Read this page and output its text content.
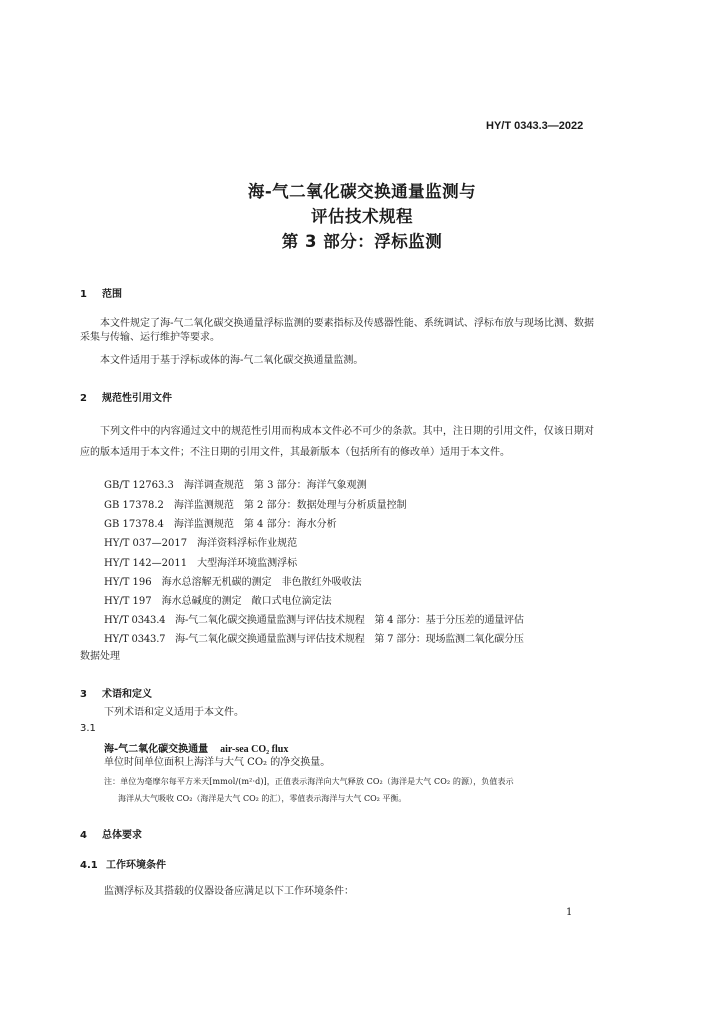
HY/T 0343.3—2022
海-气二氧化碳交换通量监测与
评估技术规程
第 3 部分：浮标监测
1 范围
本文件规定了海-气二氧化碳交换通量浮标监测的要素指标及传感器性能、系统调试、浮标布放与现场比测、数据采集与传输、运行维护等要求。
本文件适用于基于浮标或体的海-气二氧化碳交换通量监测。
2 规范性引用文件
下列文件中的内容通过文中的规范性引用而构成本文件必不可少的条款。其中，注日期的引用文件，仅该日期对应的版本适用于本文件；不注日期的引用文件，其最新版本（包括所有的修改单）适用于本文件。
GB/T 12763.3　 海洋调查规范　第 3 部分：海洋气象观测
GB 17378.2　 海洋监测规范　第 2 部分：数据处理与分析质量控制
GB 17378.4　 海洋监测规范　第 4 部分：海水分析
HY/T 037—2017　 海洋资料浮标作业规范
HY/T 142—2011　 大型海洋环境监测浮标
HY/T 196　 海水总溶解无机碳的测定　非色散红外吸收法
HY/T 197　 海水总碱度的测定　敞口式电位滴定法
HY/T 0343.4　 海-气二氧化碳交换通量监测与评估技术规程　第 4 部分：基于分压差的通量评估
HY/T 0343.7　 海-气二氧化碳交换通量监测与评估技术规程　第 7 部分：现场监测二氧化碳分压
数据处理
3 术语和定义
下列术语和定义适用于本文件。
3.1
海-气二氧化碳交换通量 air-sea CO₂ flux
单位时间单位面积上海洋与大气 CO₂ 的净交换量。
注：单位为毫摩尔每平方米天[mmol/(m²·d)]，正值表示海洋向大气释放 CO₂（海洋是大气 CO₂ 的源），负值表示
海洋从大气吸收 CO₂（海洋是大气 CO₂ 的汇），零值表示海洋与大气 CO₂ 平衡。
4 总体要求
4.1 工作环境条件
监测浮标及其搭载的仪器设备应满足以下工作环境条件：
1
